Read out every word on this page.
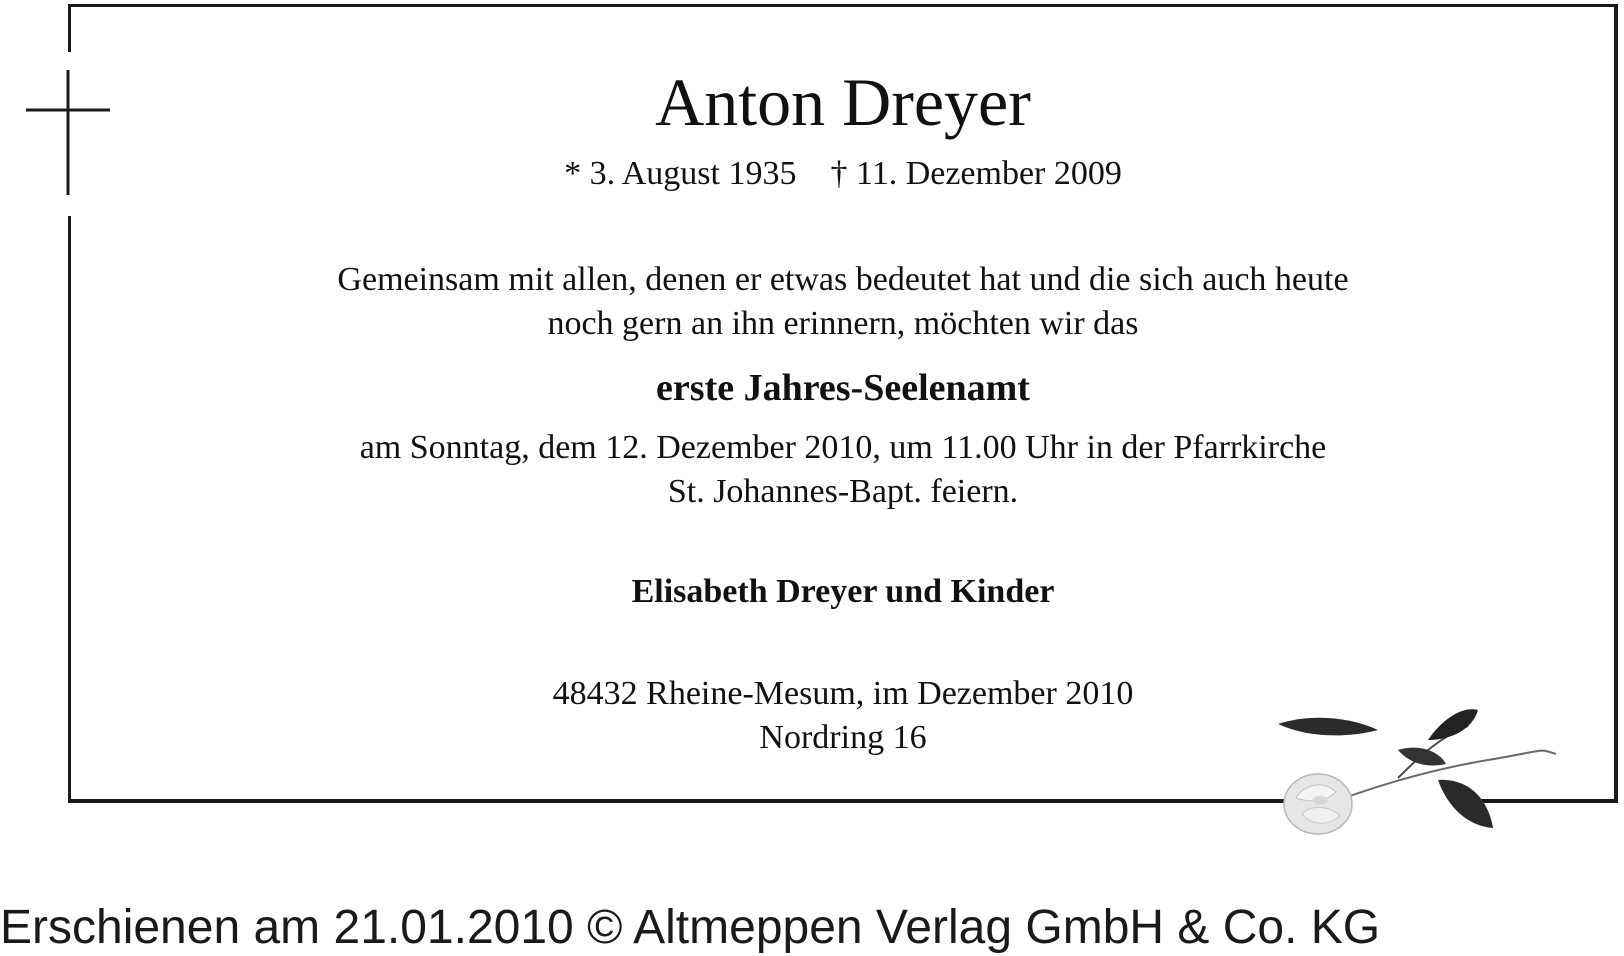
Anton Dreyer
* 3. August 1935 † 11. Dezember 2009
Gemeinsam mit allen, denen er etwas bedeutet hat und die sich auch heute
noch gern an ihn erinnern, möchten wir das
erste Jahres-Seelenamt
am Sonntag, dem 12. Dezember 2010, um 11.00 Uhr in der Pfarrkirche
St. Johannes-Bapt. feiern.
Elisabeth Dreyer und Kinder
48432 Rheine-Mesum, im Dezember 2010
Nordring 16
Erschienen am 21.01.2010 © Altmeppen Verlag GmbH & Co. KG
